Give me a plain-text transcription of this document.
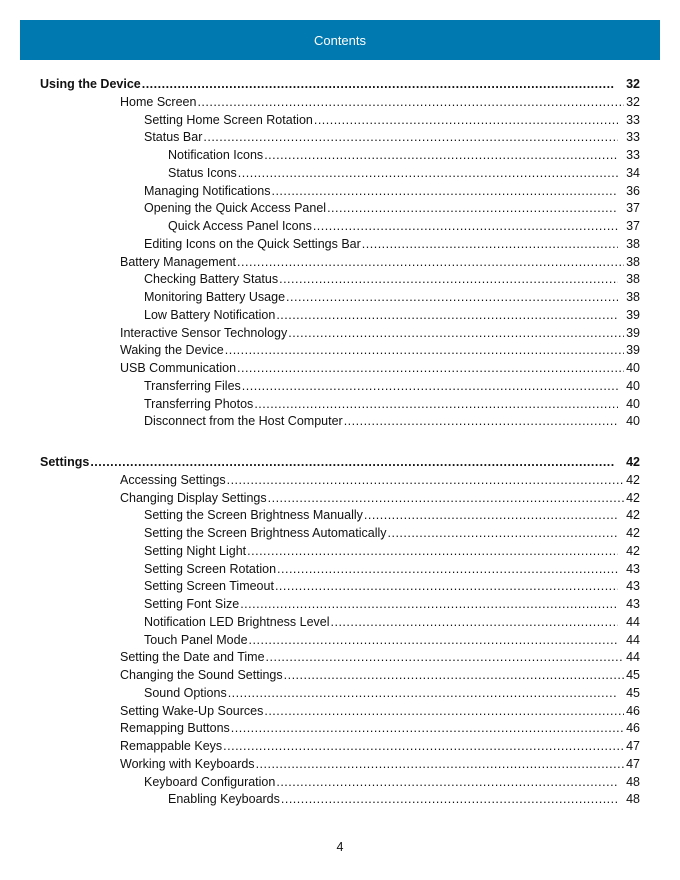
Contents
Using the Device .....	32
Home Screen .....	32
Setting Home Screen Rotation .....	33
Status Bar .....	33
Notification Icons .....	33
Status Icons .....	34
Managing Notifications .....	36
Opening the Quick Access Panel .....	37
Quick Access Panel Icons .....	37
Editing Icons on the Quick Settings Bar .....	38
Battery Management .....	38
Checking Battery Status .....	38
Monitoring Battery Usage .....	38
Low Battery Notification .....	39
Interactive Sensor Technology .....	39
Waking the Device .....	39
USB Communication .....	40
Transferring Files .....	40
Transferring Photos .....	40
Disconnect from the Host Computer .....	40
Settings .....	42
Accessing Settings .....	42
Changing Display Settings .....	42
Setting the Screen Brightness Manually .....	42
Setting the Screen Brightness Automatically .....	42
Setting Night Light .....	42
Setting Screen Rotation .....	43
Setting Screen Timeout .....	43
Setting Font Size .....	43
Notification LED Brightness Level .....	44
Touch Panel Mode .....	44
Setting the Date and Time .....	44
Changing the Sound Settings .....	45
Sound Options .....	45
Setting Wake-Up Sources .....	46
Remapping Buttons .....	46
Remappable Keys .....	47
Working with Keyboards .....	47
Keyboard Configuration .....	48
Enabling Keyboards .....	48
4
